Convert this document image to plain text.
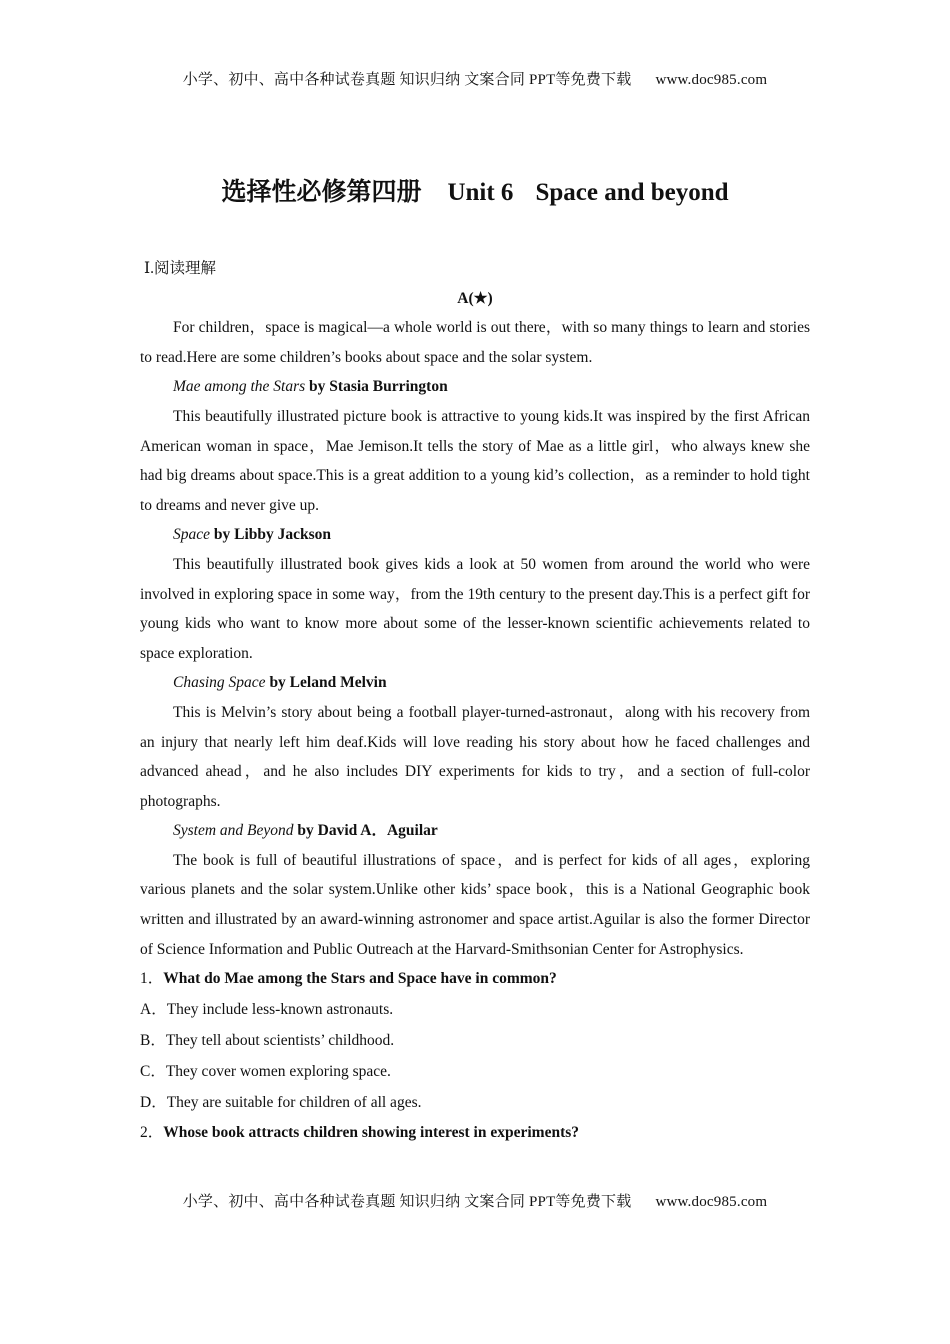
小学、初中、高中各种试卷真题 知识归纳 文案合同 PPT等免费下载 www.doc985.com
选择性必修第四册 Unit 6 Space and beyond

Ⅰ.阅读理解

A(★)

For children，space is magical—a whole world is out there，with so many things to learn and stories to read.Here are some children’s books about space and the solar system.

Mae among the Stars by Stasia Burrington

This beautifully illustrated picture book is attractive to young kids.It was inspired by the first African American woman in space，Mae Jemison.It tells the story of Mae as a little girl，who always knew she had big dreams about space.This is a great addition to a young kid’s collection，as a reminder to hold tight to dreams and never give up.

Space by Libby Jackson

This beautifully illustrated book gives kids a look at 50 women from around the world who were involved in exploring space in some way，from the 19th century to the present day.This is a perfect gift for young kids who want to know more about some of the lesser-known scientific achievements related to space exploration.

Chasing Space by Leland Melvin

This is Melvin’s story about being a football player-turned-astronaut，along with his recovery from an injury that nearly left him deaf.Kids will love reading his story about how he faced challenges and advanced ahead，and he also includes DIY experiments for kids to try，and a section of full-color photographs.

System and Beyond by David A．Aguilar

The book is full of beautiful illustrations of space，and is perfect for kids of all ages，exploring various planets and the solar system.Unlike other kids’ space book，this is a National Geographic book written and illustrated by an award-winning astronomer and space artist.Aguilar is also the former Director of Science Information and Public Outreach at the Harvard-Smithsonian Center for Astrophysics.

1．What do Mae among the Stars and Space have in common?

A．They include less-known astronauts.

B．They tell about scientists’ childhood.

C．They cover women exploring space.

D．They are suitable for children of all ages.

2．Whose book attracts children showing interest in experiments?

小学、初中、高中各种试卷真题 知识归纳 文案合同 PPT等免费下载 www.doc985.com
